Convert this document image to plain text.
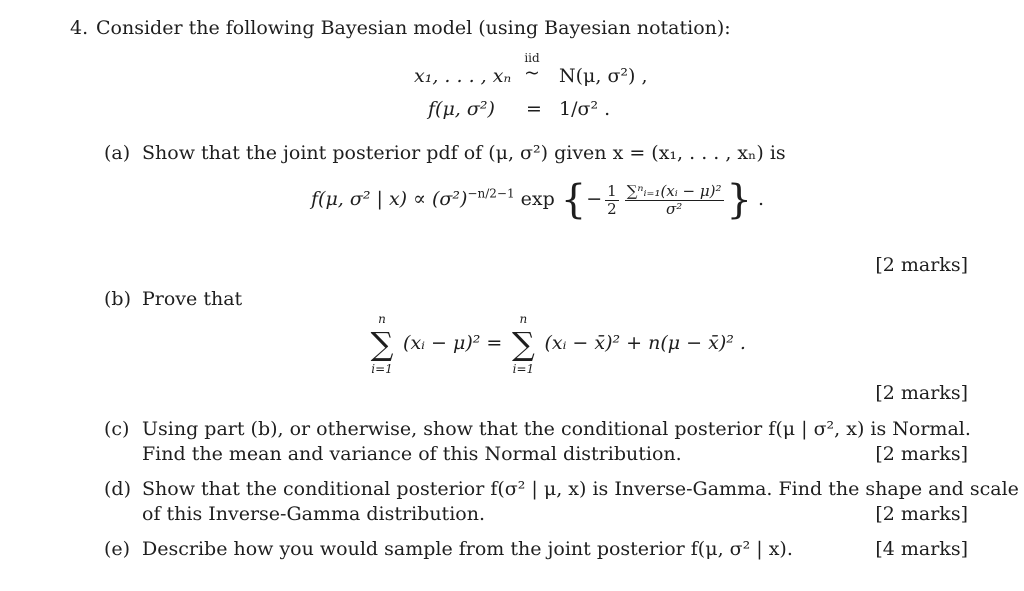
4. Consider the following Bayesian model (using Bayesian notation):
x₁, . . . , xₙ
iid
~ N(μ, σ²) ,
f(μ, σ²) = 1/σ² .
(a) Show that the joint posterior pdf of (μ, σ²) given x = (x₁, . . . , xₙ) is
f(μ, σ² | $x) \propto (\sigma^2)^{-n/2-1}$ exp {− $\frac{1}{2} \frac{\text{∑ⁿᵢ₌₁(xᵢ − μ)²}}{\text{σ²}}$ } .
[2 marks]
(b) Prove that
n
∑
i=1
(xᵢ − μ)² =
n
∑
i=1
(xᵢ − x̄)² + n(μ − x̄)² .
[2 marks]
(c) Using part (b), or otherwise, show that the conditional posterior f(μ | σ², x) is Normal.
Find the mean and variance of this Normal distribution.	[2 marks]
(d) Show that the conditional posterior f(σ² | μ, x) is Inverse-Gamma. Find the shape and scale
of this Inverse-Gamma distribution.	[2 marks]
(e) Describe how you would sample from the joint posterior f(μ, σ² | x).	[4 marks]
